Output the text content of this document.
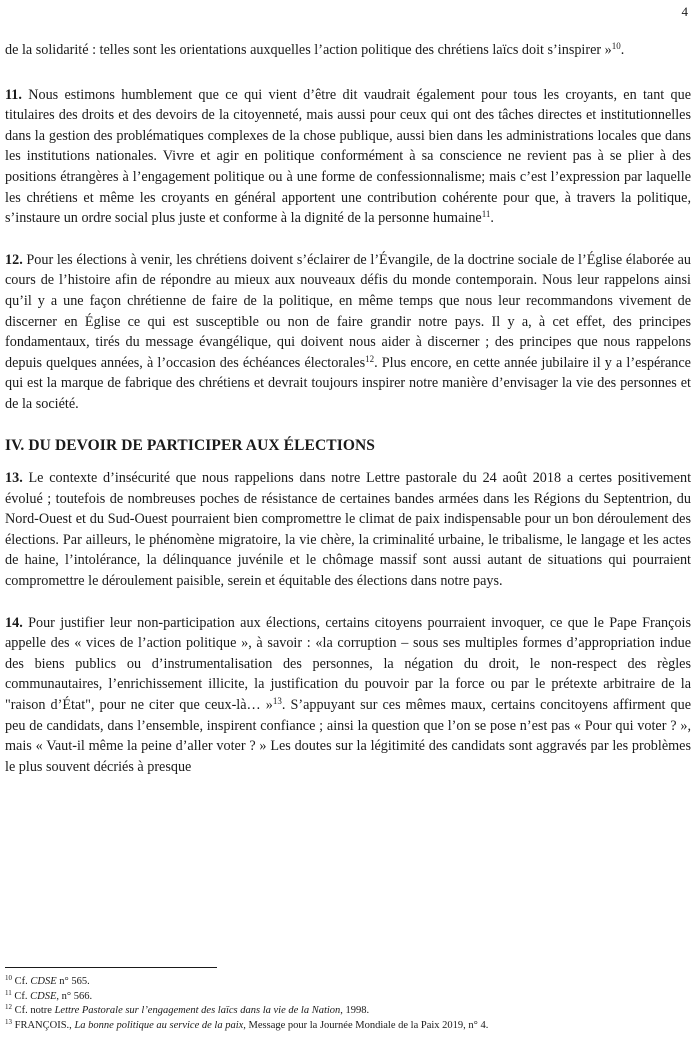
4

de la solidarité : telles sont les orientations auxquelles l’action politique des chrétiens laïcs doit s’inspirer »$^{10}$.

11. Nous estimons humblement que ce qui vient d’être dit vaudrait également pour tous les croyants, en tant que titulaires des droits et des devoirs de la citoyenneté, mais aussi pour ceux qui ont des tâches directes et institutionnelles dans la gestion des problématiques complexes de la chose publique, aussi bien dans les administrations locales que dans les institutions nationales. Vivre et agir en politique conformément à sa conscience ne revient pas à se plier à des positions étrangères à l’engagement politique ou à une forme de confessionnalisme; mais c’est l’expression par laquelle les chrétiens et même les croyants en général apportent une contribution cohérente pour que, à travers la politique, s’instaure un ordre social plus juste et conforme à la dignité de la personne humaine$^{11}$.

12. Pour les élections à venir, les chrétiens doivent s’éclairer de l’Évangile, de la doctrine sociale de l’Église élaborée au cours de l’histoire afin de répondre au mieux aux nouveaux défis du monde contemporain. Nous leur rappelons ainsi qu’il y a une façon chrétienne de faire de la politique, en même temps que nous leur recommandons vivement de discerner en Église ce qui est susceptible ou non de faire grandir notre pays. Il y a, à cet effet, des principes fondamentaux, tirés du message évangélique, qui doivent nous aider à discerner ; des principes que nous rappelons depuis quelques années, à l’occasion des échéances électorales$^{12}$. Plus encore, en cette année jubilaire il y a l’espérance qui est la marque de fabrique des chrétiens et devrait toujours inspirer notre manière d’envisager la vie des personnes et de la société.

IV. DU DEVOIR DE PARTICIPER AUX ÉLECTIONS

13. Le contexte d’insécurité que nous rappelions dans notre Lettre pastorale du 24 août 2018 a certes positivement évolué ; toutefois de nombreuses poches de résistance de certaines bandes armées dans les Régions du Septentrion, du Nord-Ouest et du Sud-Ouest pourraient bien compromettre le climat de paix indispensable pour un bon déroulement des élections. Par ailleurs, le phénomène migratoire, la vie chère, la criminalité urbaine, le tribalisme, le langage et les actes de haine, l’intolérance, la délinquance juvénile et le chômage massif sont aussi autant de situations qui pourraient compromettre le déroulement paisible, serein et équitable des élections dans notre pays.

14. Pour justifier leur non-participation aux élections, certains citoyens pourraient invoquer, ce que le Pape François appelle des « vices de l’action politique », à savoir : «la corruption – sous ses multiples formes d’appropriation indue des biens publics ou d’instrumentalisation des personnes, la négation du droit, le non-respect des règles communautaires, l’enrichissement illicite, la justification du pouvoir par la force ou par le prétexte arbitraire de la "raison d’État", pour ne citer que ceux-là… »$^{13}$. S’appuyant sur ces mêmes maux, certains concitoyens affirment que peu de candidats, dans l’ensemble, inspirent confiance ; ainsi la question que l’on se pose n’est pas « Pour qui voter ? », mais « Vaut-il même la peine d’aller voter ? » Les doutes sur la légitimité des candidats sont aggravés par les problèmes le plus souvent décriés à presque

$^{10}$ Cf. CDSE n° 565.
$^{11}$ Cf. CDSE, n° 566.
$^{12}$ Cf. notre Lettre Pastorale sur l’engagement des laïcs dans la vie de la Nation, 1998.
$^{13}$ FRANÇOIS., La bonne politique au service de la paix, Message pour la Journée Mondiale de la Paix 2019, n° 4.
